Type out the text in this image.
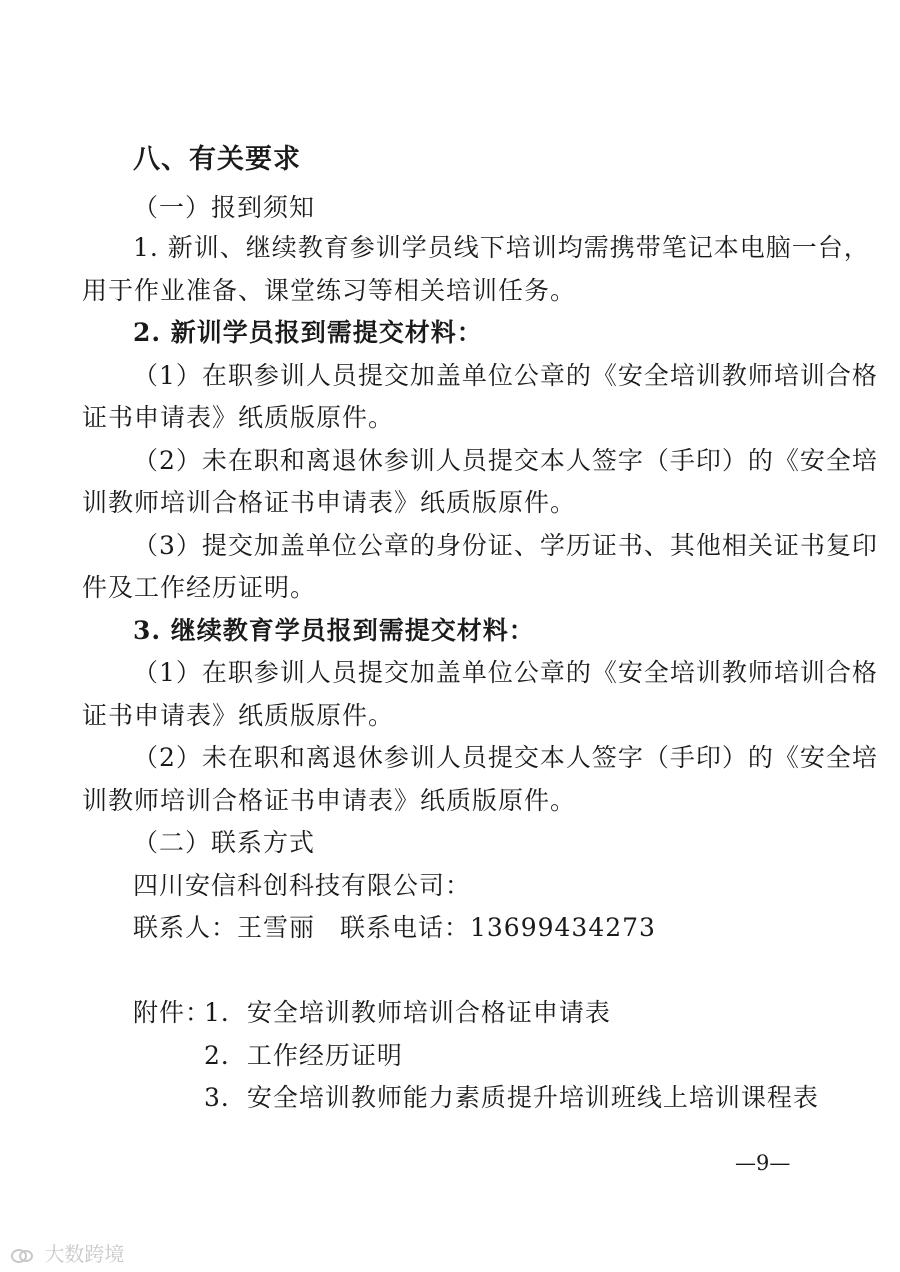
八、有关要求
（一）报到须知
1. 新训、继续教育参训学员线下培训均需携带笔记本电脑一台，
用于作业准备、课堂练习等相关培训任务。
2. 新训学员报到需提交材料：
（1）在职参训人员提交加盖单位公章的《安全培训教师培训合格
证书申请表》纸质版原件。
（2）未在职和离退休参训人员提交本人签字（手印）的《安全培
训教师培训合格证书申请表》纸质版原件。
（3）提交加盖单位公章的身份证、学历证书、其他相关证书复印
件及工作经历证明。
3. 继续教育学员报到需提交材料：
（1）在职参训人员提交加盖单位公章的《安全培训教师培训合格
证书申请表》纸质版原件。
（2）未在职和离退休参训人员提交本人签字（手印）的《安全培
训教师培训合格证书申请表》纸质版原件。
（二）联系方式
四川安信科创科技有限公司：
联系人：王雪丽 联系电话：13699434273
附件：
1．安全培训教师培训合格证申请表
2．工作经历证明
3．安全培训教师能力素质提升培训班线上培训课程表
—9—
大数跨境
